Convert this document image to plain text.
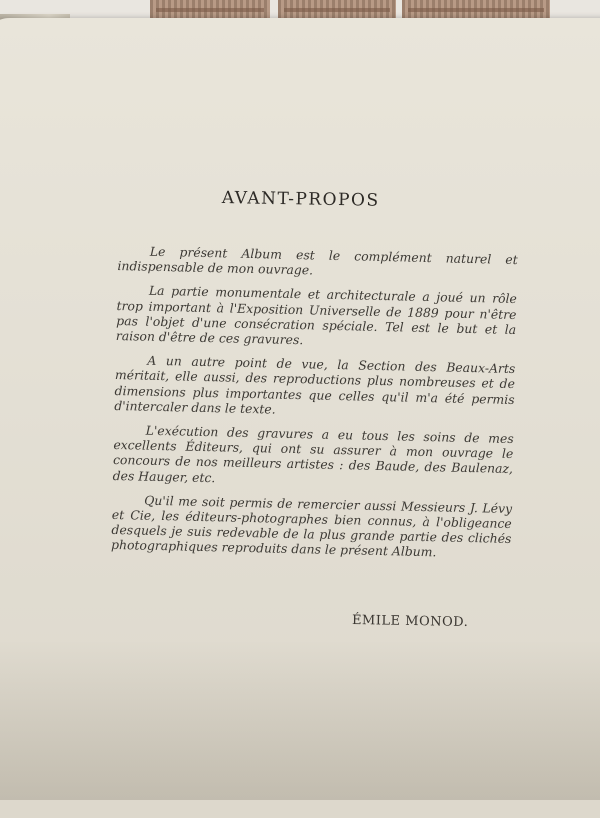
AVANT-PROPOS

Le présent Album est le complément naturel et indispensable de mon ouvrage.

La partie monumentale et architecturale a joué un rôle trop important à l'Exposition Universelle de 1889 pour n'être pas l'objet d'une consécration spéciale. Tel est le but et la raison d'être de ces gravures.

A un autre point de vue, la Section des Beaux-Arts méritait, elle aussi, des reproductions plus nombreuses et de dimensions plus importantes que celles qu'il m'a été permis d'intercaler dans le texte.

L'exécution des gravures a eu tous les soins de mes excellents Éditeurs, qui ont su assurer à mon ouvrage le concours de nos meilleurs artistes : des Baude, des Baulenaz, des Hauger, etc.

Qu'il me soit permis de remercier aussi Messieurs J. Lévy et Cie, les éditeurs-photographes bien connus, à l'obligeance desquels je suis redevable de la plus grande partie des clichés photographiques reproduits dans le présent Album.

ÉMILE MONOD.
